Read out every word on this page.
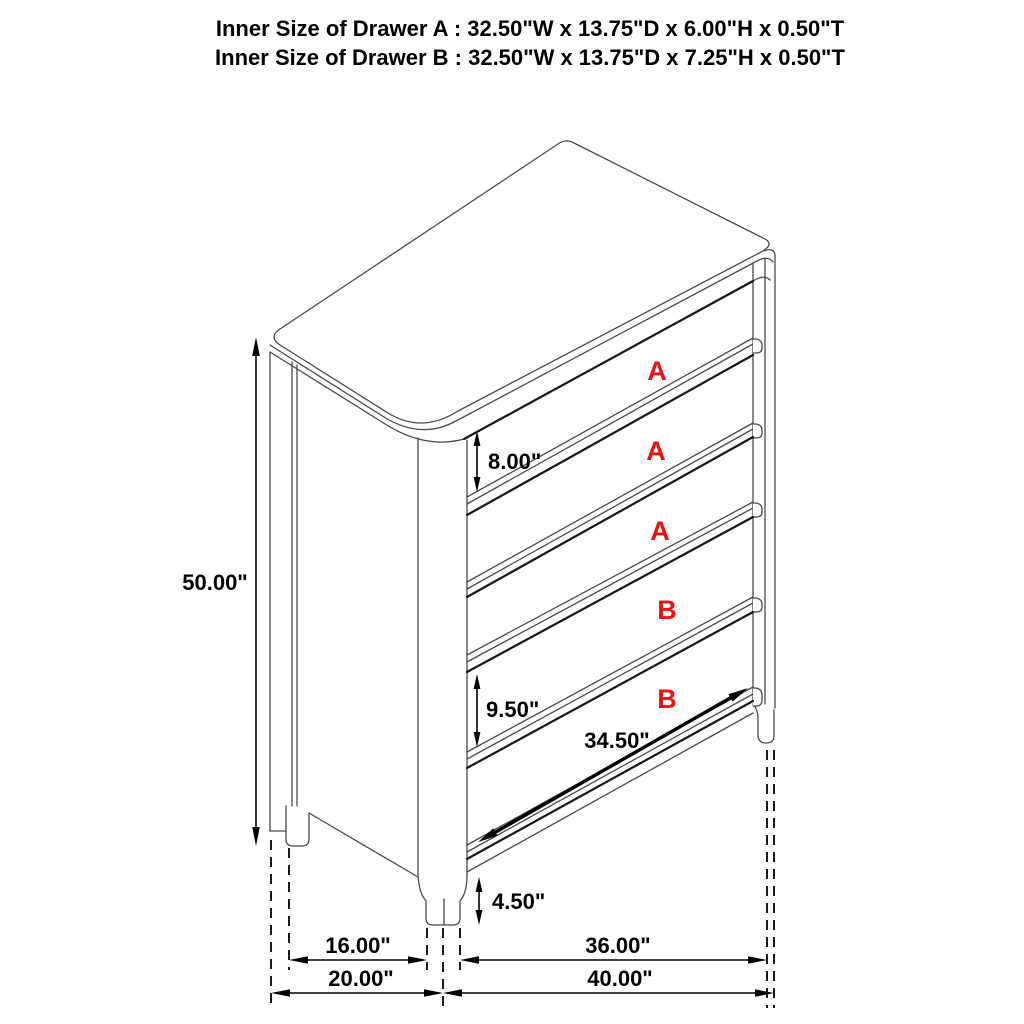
Inner Size of Drawer A : 32.50"W x 13.75"D x 6.00"H x 0.50"T
Inner Size of Drawer B : 32.50"W x 13.75"D x 7.25"H x 0.50"T
50.00"
8.00"
9.50"
34.50"
4.50"
16.00"	36.00"
20.00"	40.00"
A
A
A
B
B
